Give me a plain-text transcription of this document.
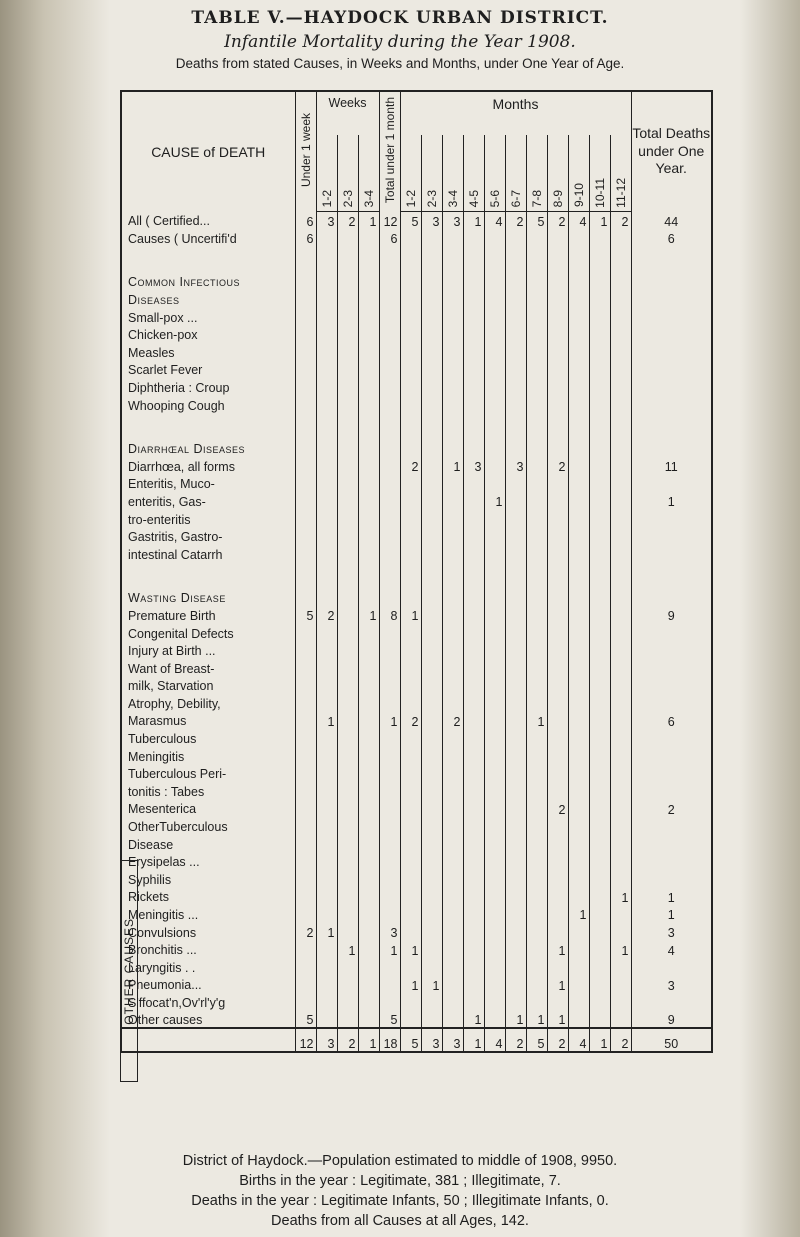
TABLE V.—HAYDOCK URBAN DISTRICT.
Infantile Mortality during the Year 1908.
Deaths from stated Causes, in Weeks and Months, under One Year of Age.
CAUSE of DEATH	Under 1 week	Weeks			Total under 1 month	Months											Total Deaths under One Year.
		1-2	2-3	3-4		1-2	2-3	3-4	4-5	5-6	6-7	7-8	8-9	9-10	10-11	11-12	
All ( Certified...	6	3	2	1	12	5	3	3	1	4	2	5	2	4	1	2	44
Causes ( Uncertifi'd	6				6												6

Common Infectious																	
Diseases																	
Small-pox ...																	
Chicken-pox																	
Measles																	
Scarlet Fever																	
Diphtheria : Croup																	
Whooping Cough																	

Diarrhœal Diseases																	
Diarrhœa, all forms						2		1	3		3		2				11
Enteritis, Muco-																	
enteritis, Gas-										1							1
tro-enteritis																	
Gastritis, Gastro-																	
intestinal Catarrh																	

Wasting Disease																	
Premature Birth	5	2		1	8	1											9
Congenital Defects																	
Injury at Birth ...																	
Want of Breast-																	
milk, Starvation																	
Atrophy, Debility,																	
Marasmus		1			1	2		2				1					6
Tuberculous																	
Meningitis																	
Tuberculous Peri-																	
tonitis : Tabes																	
Mesenterica													2				2
OtherTuberculous																	
Disease																	
Erysipelas ...																	
Syphilis																	
Rickets																1	1
Meningitis ...														1			1
Convulsions	2	1			3												3
Bronchitis ...			1		1	1							1			1	4
Laryngitis . .																	
Pneumonia...						1	1						1				3
S'ffocat'n,Ov'rl'y'g																	
Other causes	5				5				1		1	1	1				9
	12	3	2	1	18	5	3	3	1	4	2	5	2	4	1	2	50
OTHER CAUSES
District of Haydock.—Population estimated to middle of 1908, 9950.
Births in the year : Legitimate, 381 ; Illegitimate, 7.
Deaths in the year : Legitimate Infants, 50 ; Illegitimate Infants, 0.
Deaths from all Causes at all Ages, 142.
